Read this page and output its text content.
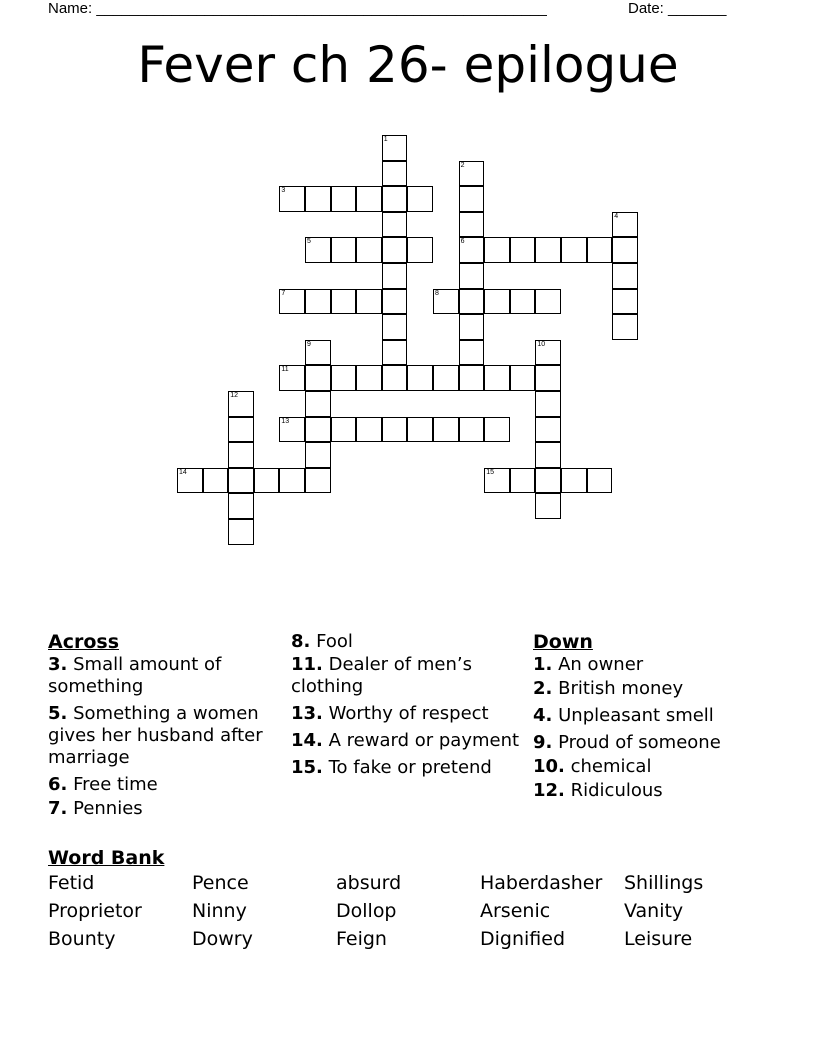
Name: ______________________________________________________	Date: _______
Fever ch 26- epilogue
1
2
6
3
4
5
7	8
9	10
11
12
13
14	15
Across
3. Small amount of something
5. Something a women gives her husband after marriage
6. Free time
7. Pennies
8. Fool
11. Dealer of men’s clothing
13. Worthy of respect
14. A reward or payment
15. To fake or pretend
Down
1. An owner
2. British money
4. Unpleasant smell
9. Proud of someone
10. chemical
12. Ridiculous
Word Bank
Fetid	Pence	absurd	Haberdasher Shillings
Proprietor	Ninny	Dollop	Arsenic	Vanity
Bounty	Dowry	Feign	Dignified	Leisure
